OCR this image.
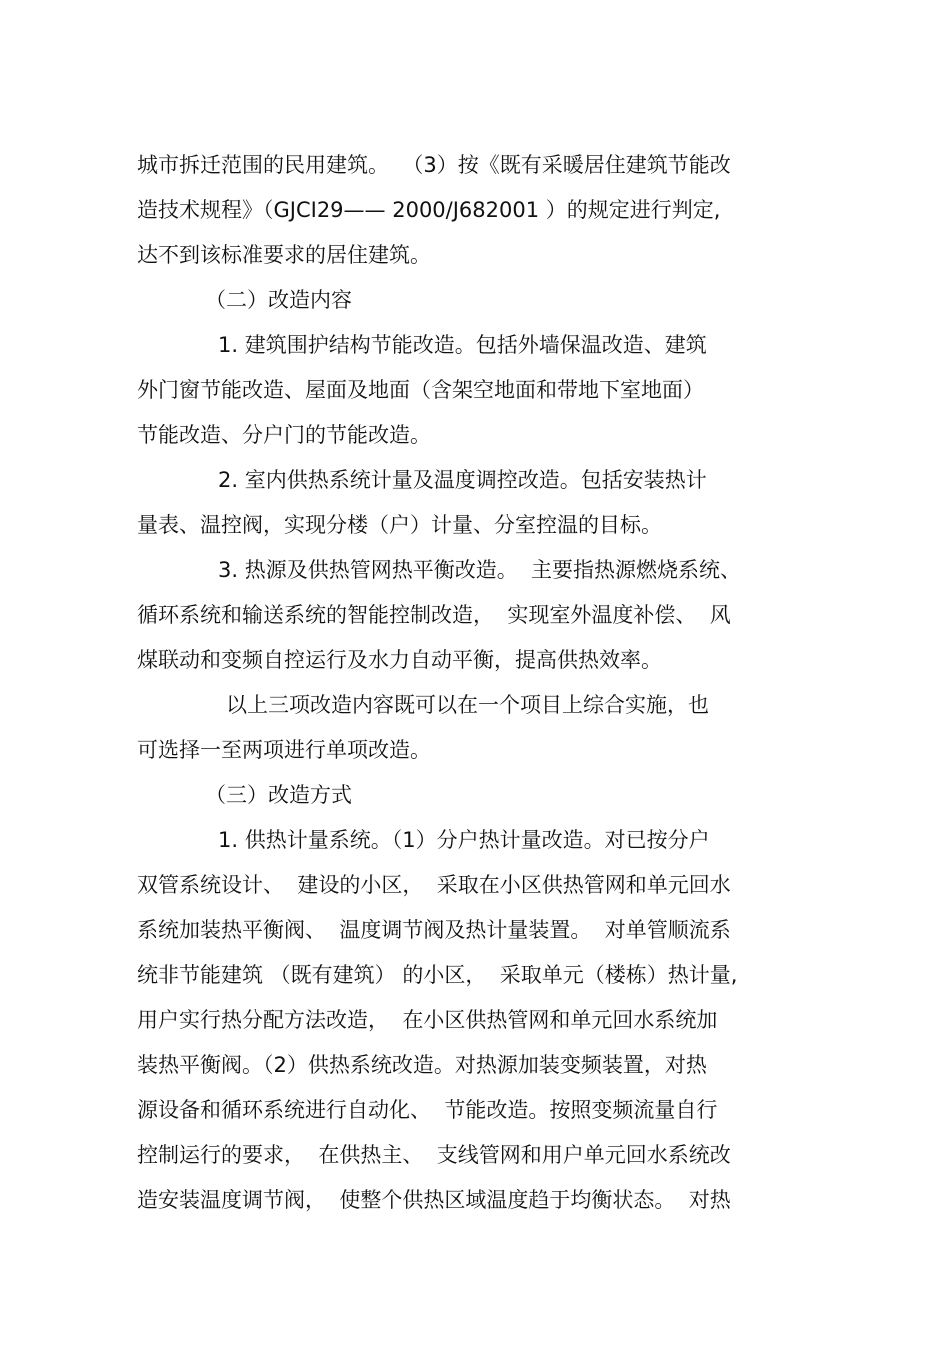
城市拆迁范围的民用建筑。  （3）按《既有采暖居住建筑节能改
造技术规程》（GJCI29—— 2000/J682001 ）的规定进行判定,
达不到该标准要求的居住建筑。
（二）改造内容
1. 建筑围护结构节能改造。包括外墙保温改造、建筑
外门窗节能改造、屋面及地面（含架空地面和带地下室地面）
节能改造、分户门的节能改造。
2. 室内供热系统计量及温度调控改造。包括安装热计
量表、温控阀，实现分楼（户）计量、分室控温的目标。
3. 热源及供热管网热平衡改造。  主要指热源燃烧系统、
循环系统和输送系统的智能控制改造，  实现室外温度补偿、  风
煤联动和变频自控运行及水力自动平衡，提高供热效率。
以上三项改造内容既可以在一个项目上综合实施，也
可选择一至两项进行单项改造。
（三）改造方式
1. 供热计量系统。（1）分户热计量改造。对已按分户
双管系统设计、  建设的小区，  采取在小区供热管网和单元回水
系统加装热平衡阀、  温度调节阀及热计量装置。  对单管顺流系
统非节能建筑 （既有建筑） 的小区，  采取单元（楼栋）热计量,
用户实行热分配方法改造，  在小区供热管网和单元回水系统加
装热平衡阀。（2）供热系统改造。对热源加装变频装置，对热
源设备和循环系统进行自动化、  节能改造。按照变频流量自行
控制运行的要求，  在供热主、  支线管网和用户单元回水系统改
造安装温度调节阀，  使整个供热区域温度趋于均衡状态。  对热
